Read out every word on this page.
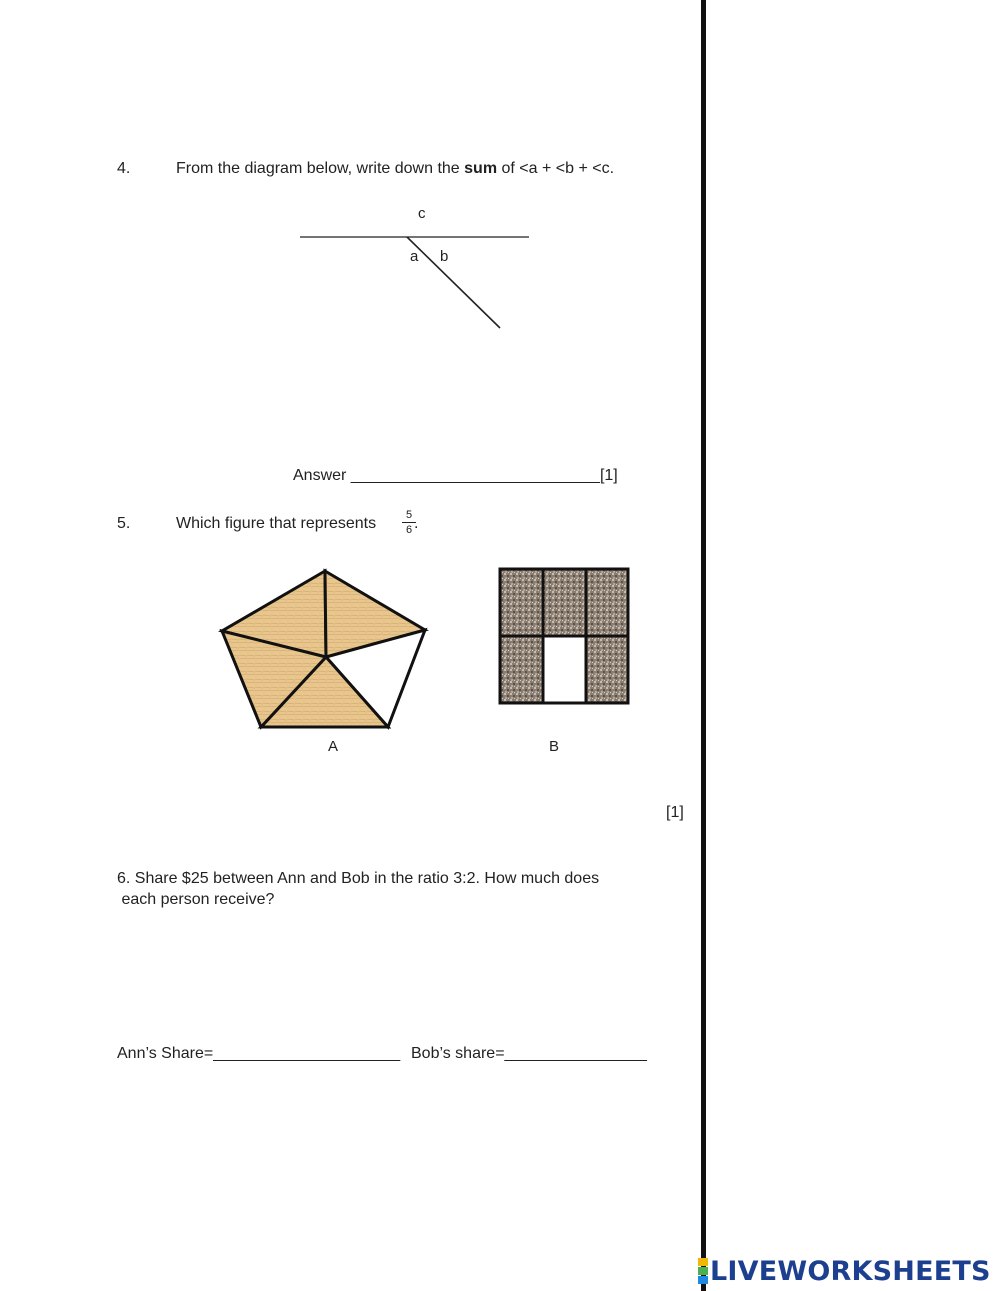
4.	From the diagram below, write down the sum of <a + <b + <c.
c
a b
Answer ____________________________[1]
5.	Which figure that represents	5
6 .
A	B
[1]
6. Share $25 between Ann and Bob in the ratio 3:2. How much does
each person receive?
Ann’s Share=_____________________ Bob’s share=________________
LIVEWORKSHEETS
